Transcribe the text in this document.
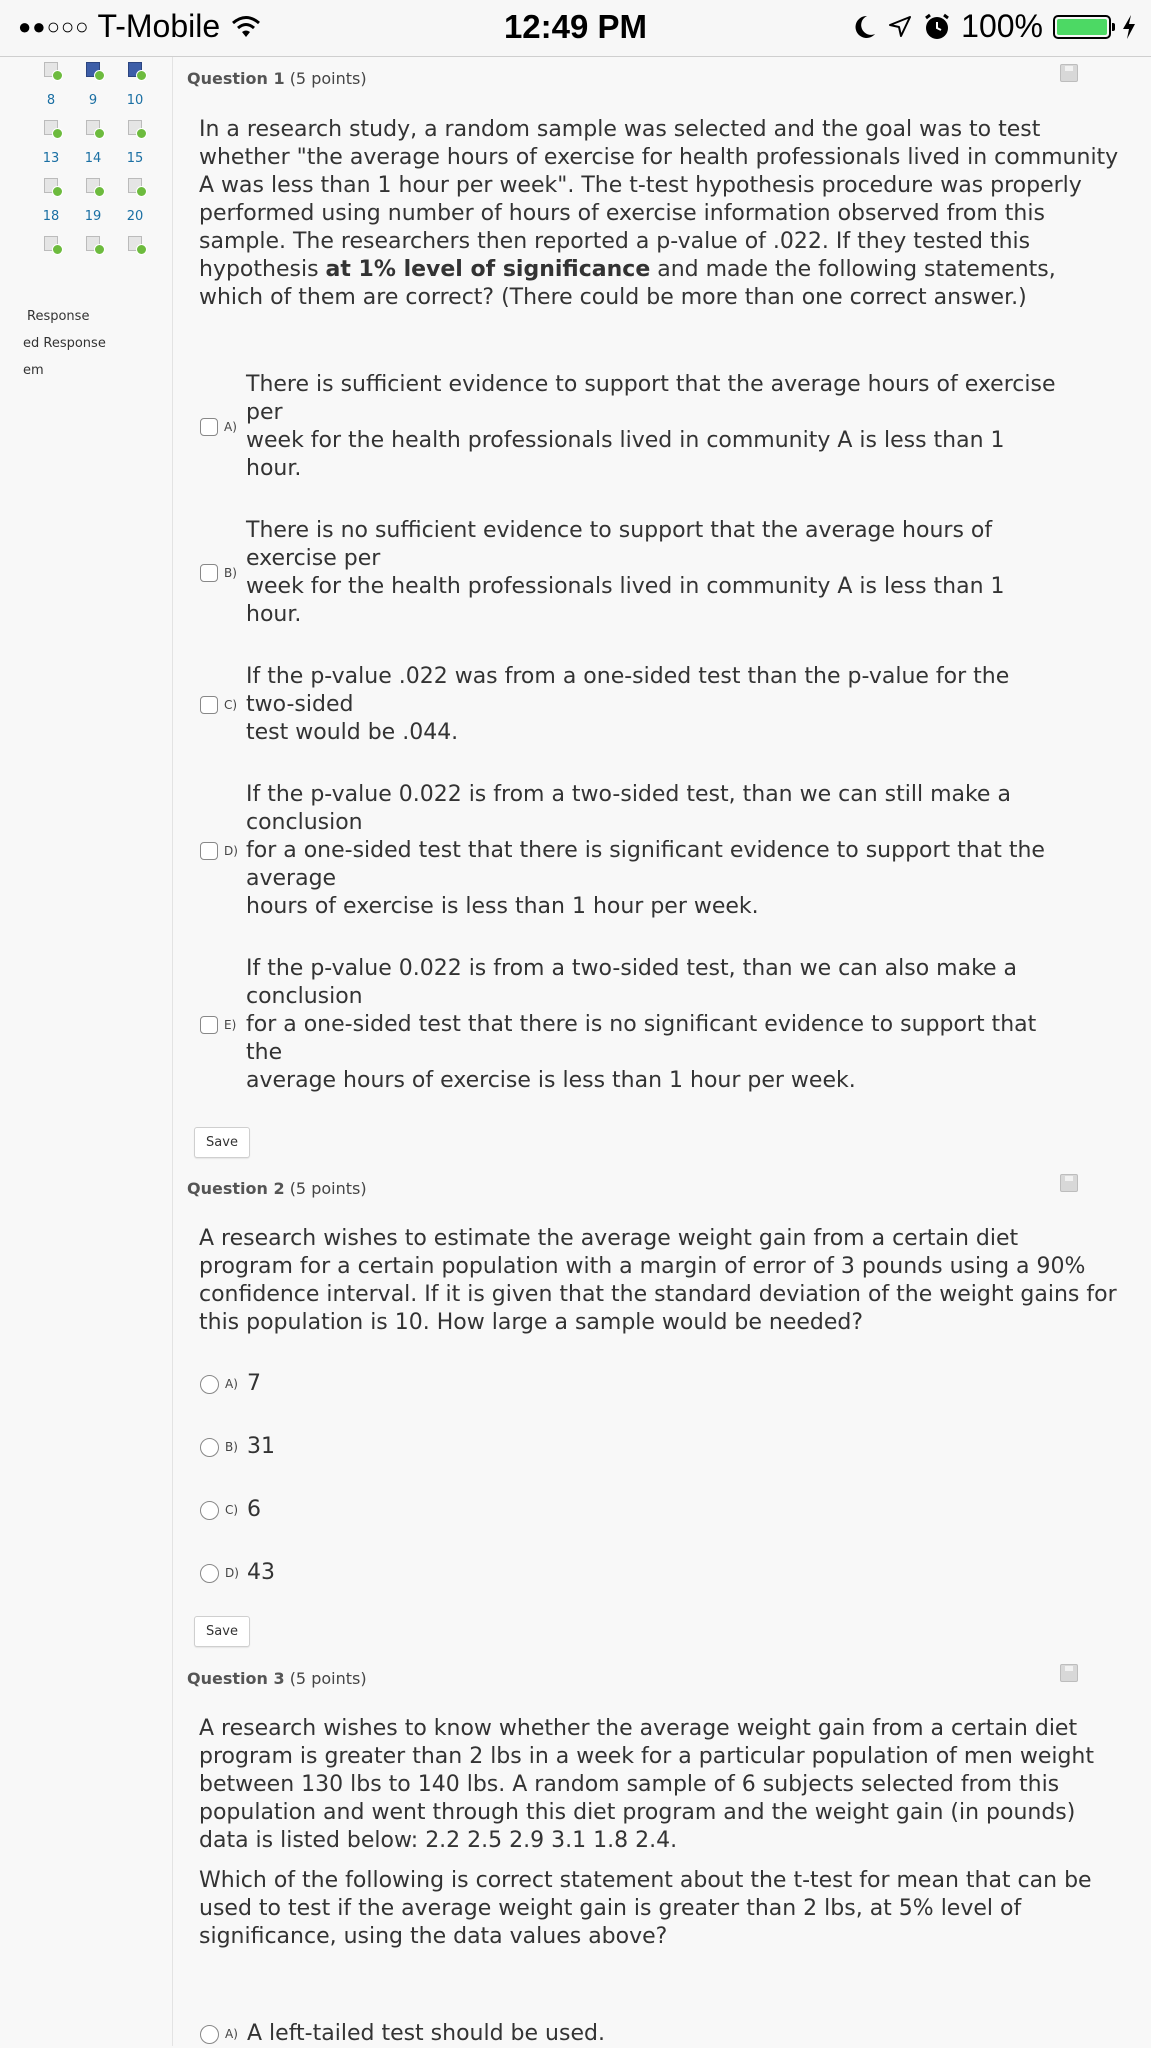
●●○○○ T-Mobile	12:49 PM	100%
8	9	10
13	14	15
18	19	20
Response
ed Response
em
Question 1 (5 points)

In a research study, a random sample was selected and the goal was to test whether "the average hours of exercise for health professionals lived in community A was less than 1 hour per week". The t-test hypothesis procedure was properly performed using number of hours of exercise information observed from this sample. The researchers then reported a p-value of .022. If they tested this hypothesis at 1% level of significance and made the following statements, which of them are correct? (There could be more than one correct answer.)

A)
There is sufficient evidence to support that the average hours of exercise
per
week for the health professionals lived in community A is less than 1
hour.
B)
There is no sufficient evidence to support that the average hours of
exercise per
week for the health professionals lived in community A is less than 1
hour.
C)
If the p-value .022 was from a one-sided test than the p-value for the
two-sided
test would be .044.
D)
If the p-value 0.022 is from a two-sided test, than we can still make a
conclusion
for a one-sided test that there is significant evidence to support that the
average
hours of exercise is less than 1 hour per week.
E)
If the p-value 0.022 is from a two-sided test, than we can also make a
conclusion
for a one-sided test that there is no significant evidence to support that
the
average hours of exercise is less than 1 hour per week.
Save
Question 2 (5 points)

A research wishes to estimate the average weight gain from a certain diet program for a certain population with a margin of error of 3 pounds using a 90% confidence interval. If it is given that the standard deviation of the weight gains for this population is 10. How large a sample would be needed?

A) 7
B) 31
C) 6
D) 43
Save
Question 3 (5 points)

A research wishes to know whether the average weight gain from a certain diet program is greater than 2 lbs in a week for a particular population of men weight between 130 lbs to 140 lbs. A random sample of 6 subjects selected from this population and went through this diet program and the weight gain (in pounds) data is listed below: 2.2 2.5 2.9 3.1 1.8 2.4.

Which of the following is correct statement about the t-test for mean that can be used to test if the average weight gain is greater than 2 lbs, at 5% level of significance, using the data values above?

A) A left-tailed test should be used.
